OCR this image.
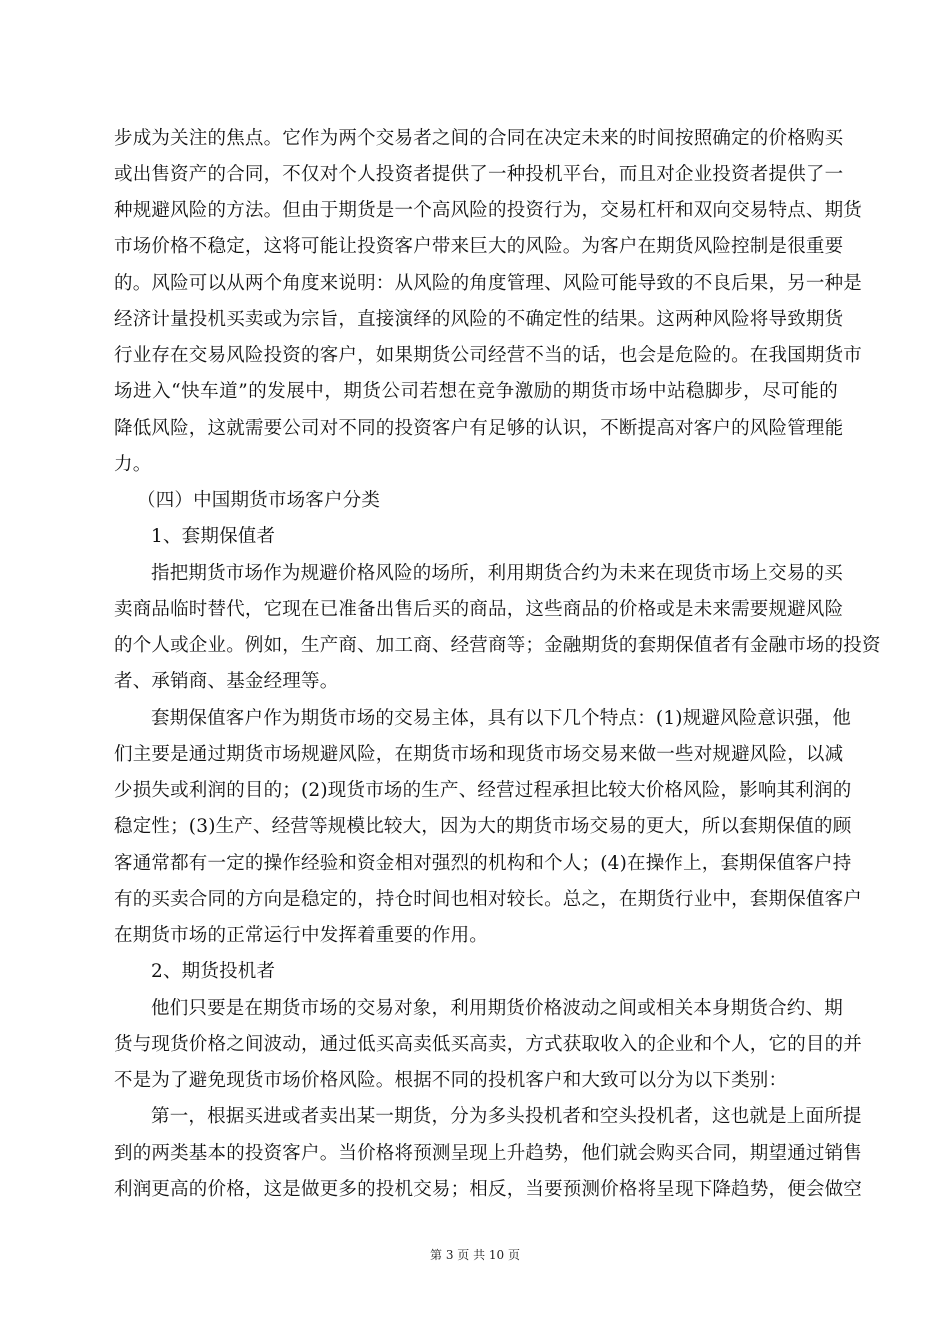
步成为关注的焦点。它作为两个交易者之间的合同在决定未来的时间按照确定的价格购买
或出售资产的合同，不仅对个人投资者提供了一种投机平台，而且对企业投资者提供了一
种规避风险的方法。但由于期货是一个高风险的投资行为，交易杠杆和双向交易特点、期货
市场价格不稳定，这将可能让投资客户带来巨大的风险。为客户在期货风险控制是很重要
的。风险可以从两个角度来说明：从风险的角度管理、风险可能导致的不良后果，另一种是
经济计量投机买卖或为宗旨，直接演绎的风险的不确定性的结果。这两种风险将导致期货
行业存在交易风险投资的客户，如果期货公司经营不当的话，也会是危险的。在我国期货市
场进入“快车道”的发展中，期货公司若想在竞争激励的期货市场中站稳脚步，尽可能的
降低风险，这就需要公司对不同的投资客户有足够的认识，不断提高对客户的风险管理能
力。
（四）中国期货市场客户分类
1、套期保值者
指把期货市场作为规避价格风险的场所，利用期货合约为未来在现货市场上交易的买
卖商品临时替代，它现在已准备出售后买的商品，这些商品的价格或是未来需要规避风险
的个人或企业。例如，生产商、加工商、经营商等；金融期货的套期保值者有金融市场的投资
者、承销商、基金经理等。
套期保值客户作为期货市场的交易主体，具有以下几个特点：(1)规避风险意识强，他
们主要是通过期货市场规避风险，在期货市场和现货市场交易来做一些对规避风险，以减
少损失或利润的目的；(2)现货市场的生产、经营过程承担比较大价格风险，影响其利润的
稳定性；(3)生产、经营等规模比较大，因为大的期货市场交易的更大，所以套期保值的顾
客通常都有一定的操作经验和资金相对强烈的机构和个人；(4)在操作上，套期保值客户持
有的买卖合同的方向是稳定的，持仓时间也相对较长。总之，在期货行业中，套期保值客户
在期货市场的正常运行中发挥着重要的作用。
2、期货投机者
他们只要是在期货市场的交易对象，利用期货价格波动之间或相关本身期货合约、期
货与现货价格之间波动，通过低买高卖低买高卖，方式获取收入的企业和个人，它的目的并
不是为了避免现货市场价格风险。根据不同的投机客户和大致可以分为以下类别：
第一，根据买进或者卖出某一期货，分为多头投机者和空头投机者，这也就是上面所提
到的两类基本的投资客户。当价格将预测呈现上升趋势，他们就会购买合同，期望通过销售
利润更高的价格，这是做更多的投机交易；相反，当要预测价格将呈现下降趋势，便会做空
第 3 页 共 10 页
